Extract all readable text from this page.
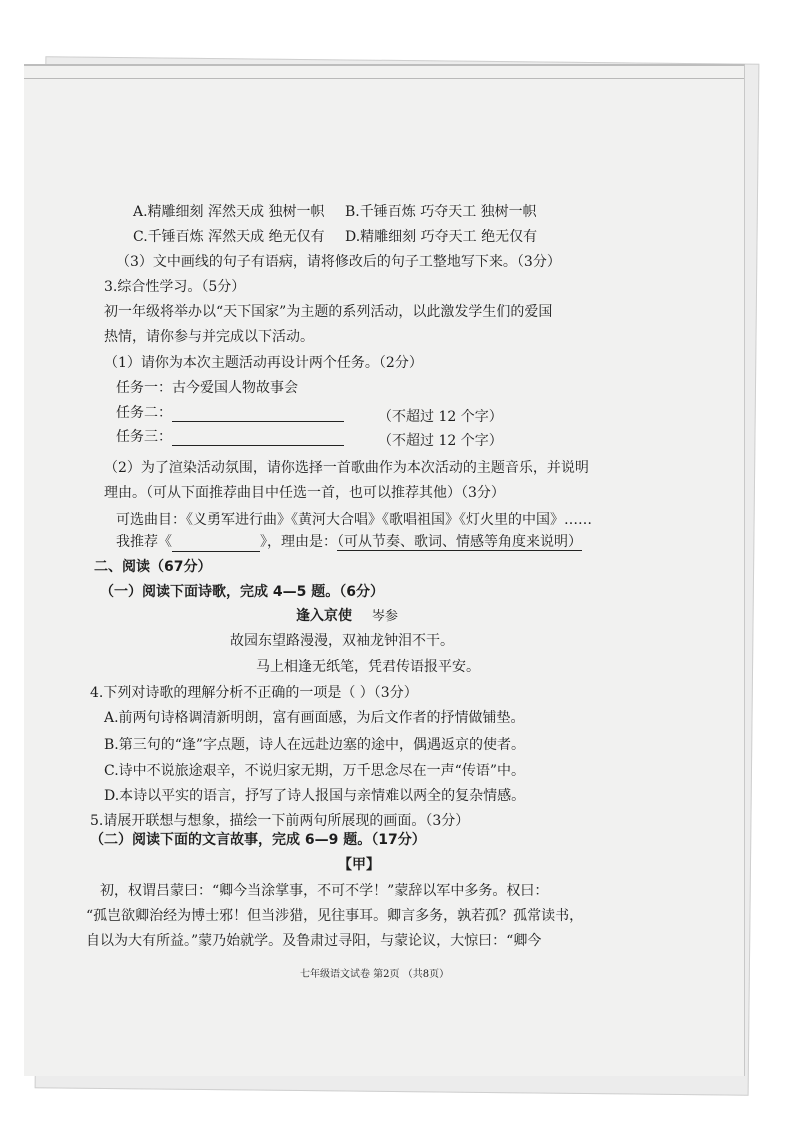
A.精雕细刻 浑然天成 独树一帜 B.千锤百炼 巧夺天工 独树一帜
C.千锤百炼 浑然天成 绝无仅有 D.精雕细刻 巧夺天工 绝无仅有
（3）文中画线的句子有语病，请将修改后的句子工整地写下来。（3分）
3.综合性学习。（5分）
初一年级将举办以“天下国家”为主题的系列活动，以此激发学生们的爱国
热情，请你参与并完成以下活动。
（1）请你为本次主题活动再设计两个任务。（2分）
任务一：古今爱国人物故事会
任务二：	（不超过 12 个字）
任务三：	（不超过 12 个字）
（2）为了渲染活动氛围，请你选择一首歌曲作为本次活动的主题音乐，并说明
理由。（可从下面推荐曲目中任选一首，也可以推荐其他）（3分）
可选曲目：《义勇军进行曲》《黄河大合唱》《歌唱祖国》《灯火里的中国》……
我推荐《	》，理由是：（可从节奏、歌词、情感等角度来说明）
二、阅读（67分）
（一）阅读下面诗歌，完成 4—5 题。（6分）
逢入京使 岑参
故园东望路漫漫，双袖龙钟泪不干。
马上相逢无纸笔，凭君传语报平安。
4.下列对诗歌的理解分析不正确的一项是（ ）（3分）
A.前两句诗格调清新明朗，富有画面感，为后文作者的抒情做铺垫。
B.第三句的“逢”字点题，诗人在远赴边塞的途中，偶遇返京的使者。
C.诗中不说旅途艰辛，不说归家无期，万千思念尽在一声“传语”中。
D.本诗以平实的语言，抒写了诗人报国与亲情难以两全的复杂情感。
5.请展开联想与想象，描绘一下前两句所展现的画面。（3分）
（二）阅读下面的文言故事，完成 6—9 题。（17分）
【甲】
初，权谓吕蒙曰：“卿今当涂掌事，不可不学！”蒙辞以军中多务。权曰：
“孤岂欲卿治经为博士邪！但当涉猎，见往事耳。卿言多务，孰若孤？孤常读书，
自以为大有所益。”蒙乃始就学。及鲁肃过寻阳，与蒙论议，大惊曰：“卿今
七年级语文试卷 第2页 （共8页）
